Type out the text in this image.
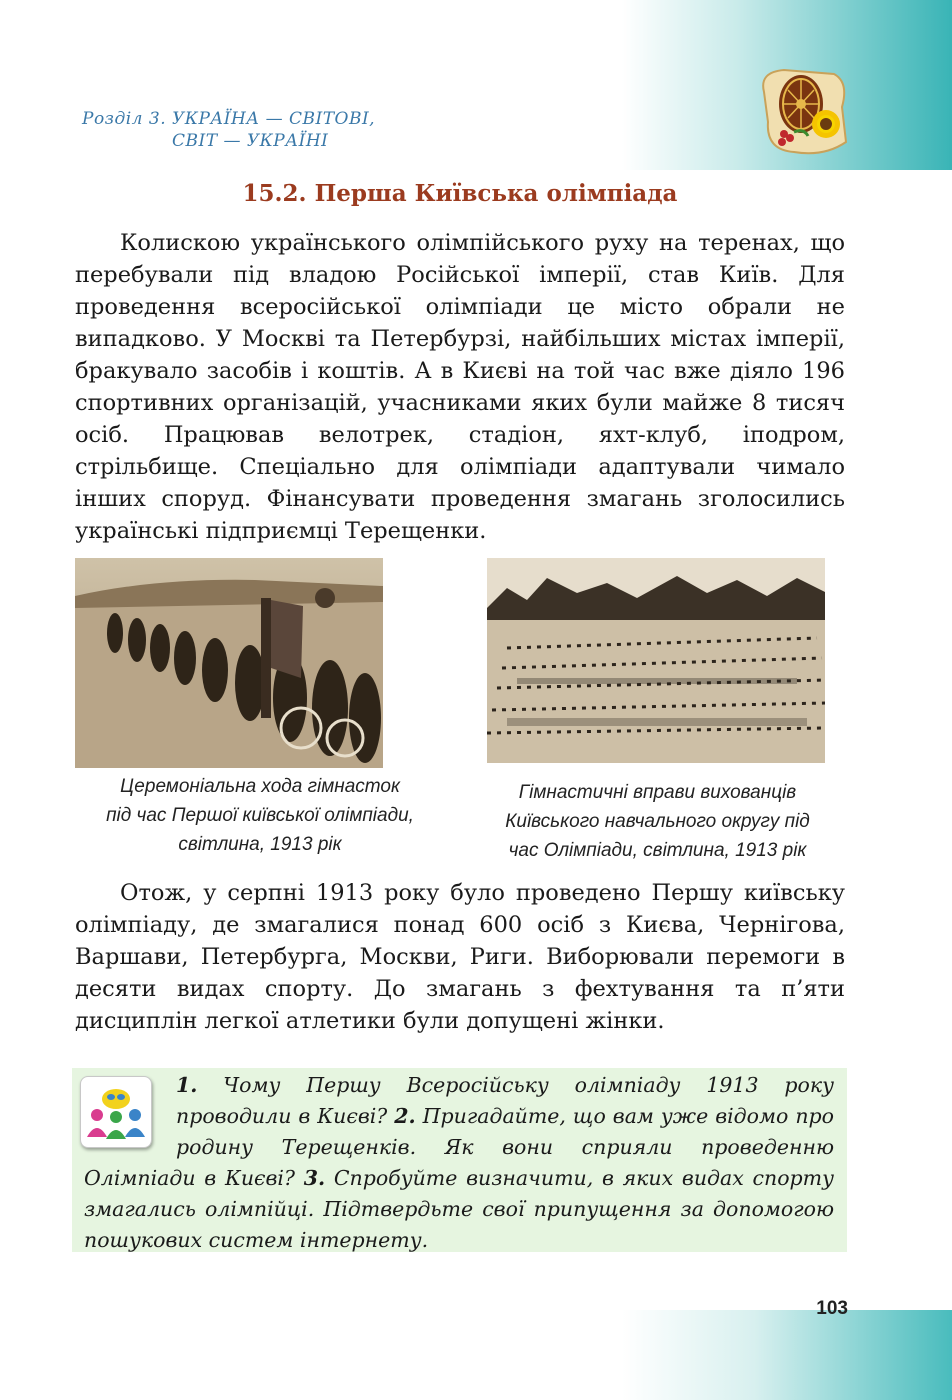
Розділ 3. УКРАЇНА — СВІТОВІ,
СВІТ — УКРАЇНІ
15.2. Перша Київська олімпіада

Колискою українського олімпійського руху на теренах, що перебували під владою Російської імперії, став Київ. Для проведення всеросійської олімпіади це місто обрали не випадково. У Москві та Петербурзі, найбільших містах імперії, бракувало засобів і коштів. А в Києві на той час вже діяло 196 спортивних організацій, учасниками яких були майже 8 тисяч осіб. Працював велотрек, стадіон, яхт-клуб, іподром, стрільбище. Спеціально для олімпіади адаптували чимало інших споруд. Фінансувати проведення змагань зголосились українські підприємці Терещенки.

Церемоніальна хода гімнасток
під час Першої київської олімпіади,
світлина, 1913 рік
Гімнастичні вправи вихованців
Київського навчального округу під
час Олімпіади, світлина, 1913 рік

Отож, у серпні 1913 року було проведено Першу київську олімпіаду, де змагалися понад 600 осіб з Києва, Чернігова, Варшави, Петербурга, Москви, Риги. Виборювали перемоги в десяти видах спорту. До змагань з фехтування та п’яти дисциплін легкої атлетики були допущені жінки.

1. Чому Першу Всеросійську олімпіаду 1913 року проводили в Києві? 2. Пригадайте, що вам уже відомо про родину Терещенків. Як вони сприяли проведенню Олімпіади в Києві? 3. Спробуйте визначити, в яких видах спорту змагались олімпійці. Підтвердьте свої припущення за допомогою пошукових систем інтернету.

103
